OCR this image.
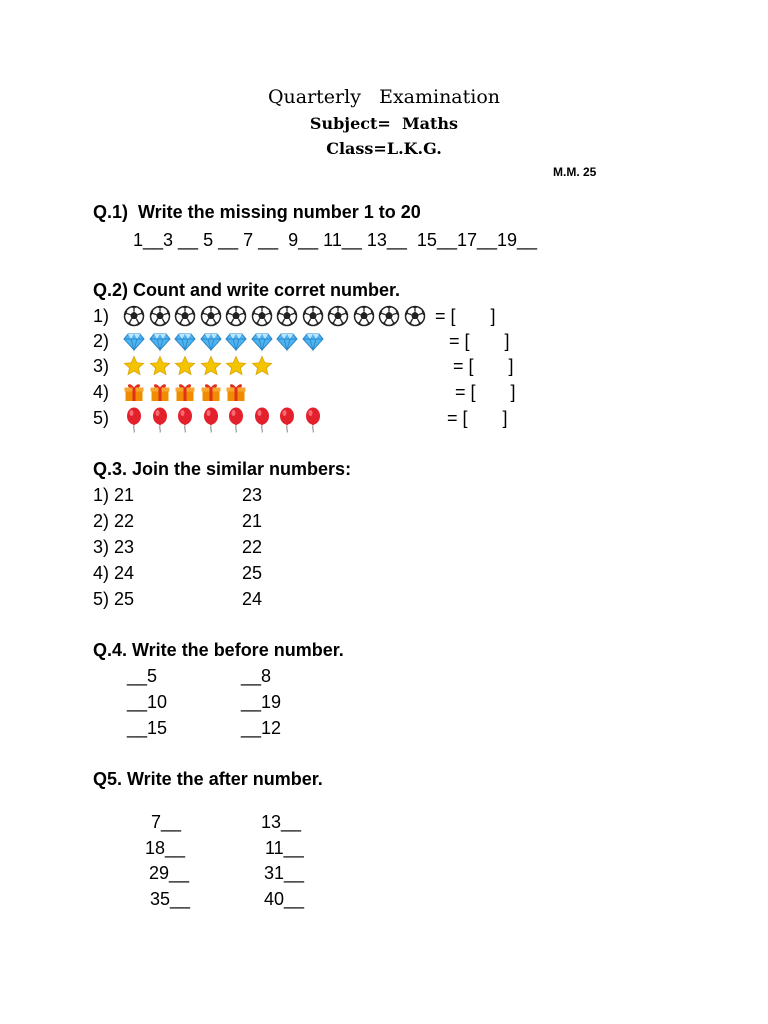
Quarterly   Examination
Subject=  Maths
Class=L.K.G.
M.M. 25
Q.1)  Write the missing number 1 to 20
1__3 __ 5 __ 7 __  9__ 11__ 13__  15__17__19__
Q.2) Count and write corret number.
1)	= [       ]
2)	= [       ]
3)	= [       ]
4)	= [       ]
5)	= [       ]
Q.3. Join the similar numbers:
1) 21	23
2) 22	21
3) 23	22
4) 24	25
5) 25	24
Q.4. Write the before number.
__5	__8
__10	__19
__15	__12
Q5. Write the after number.
7__	13__
18__	11__
29__	31__
35__	40__
